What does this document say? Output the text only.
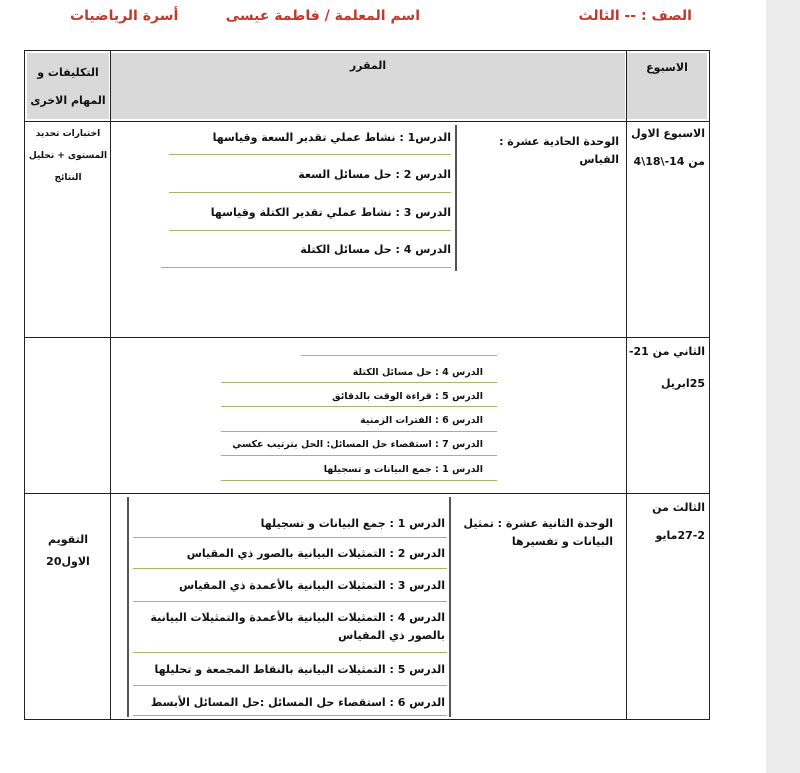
الصف : -- الثالث
اسم المعلمة / فاطمة عيسى
أسرة الرياضيات
الاسبوع
المقرر
التكليفات و المهام الاخرى
الاسبوع الاول
من 14-\18\4
الوحدة الحادية عشرة : القياس
الدرس1 : نشاط عملي تقدير السعة وقياسها
الدرس 2 : حل مسائل السعة
الدرس 3 : نشاط عملي تقدير الكتلة وقياسها
الدرس 4 : حل مسائل الكتلة
اختبارات تحديد
المستوى + تحليل
النتائج
الثاني من 21-
25ابريل
الدرس 4 : حل مسائل الكتلة
الدرس 5 : قراءة الوقت بالدقائق
الدرس 6 : الفترات الزمنية
الدرس 7 : استقصاء حل المسائل: الحل بترتيب عكسي
الدرس 1 : جمع البيانات و تسجيلها
الثالث من
27-2مايو
الوحدة الثانية عشرة : تمثيل البيانات و تفسيرها
الدرس 1 : جمع البيانات و تسجيلها
الدرس 2 : التمثيلات البيانية بالصور ذي المقياس
الدرس 3 : التمثيلات البيانية بالأعمدة ذي المقياس
الدرس 4 : التمثيلات البيانية بالأعمدة والتمثيلات البيانية بالصور ذي المقياس
الدرس 5 : التمثيلات البيانية بالنقاط المجمعة و تحليلها
الدرس 6 : استقصاء حل المسائل :حل المسائل الأبسط
التقويم
الاول20
